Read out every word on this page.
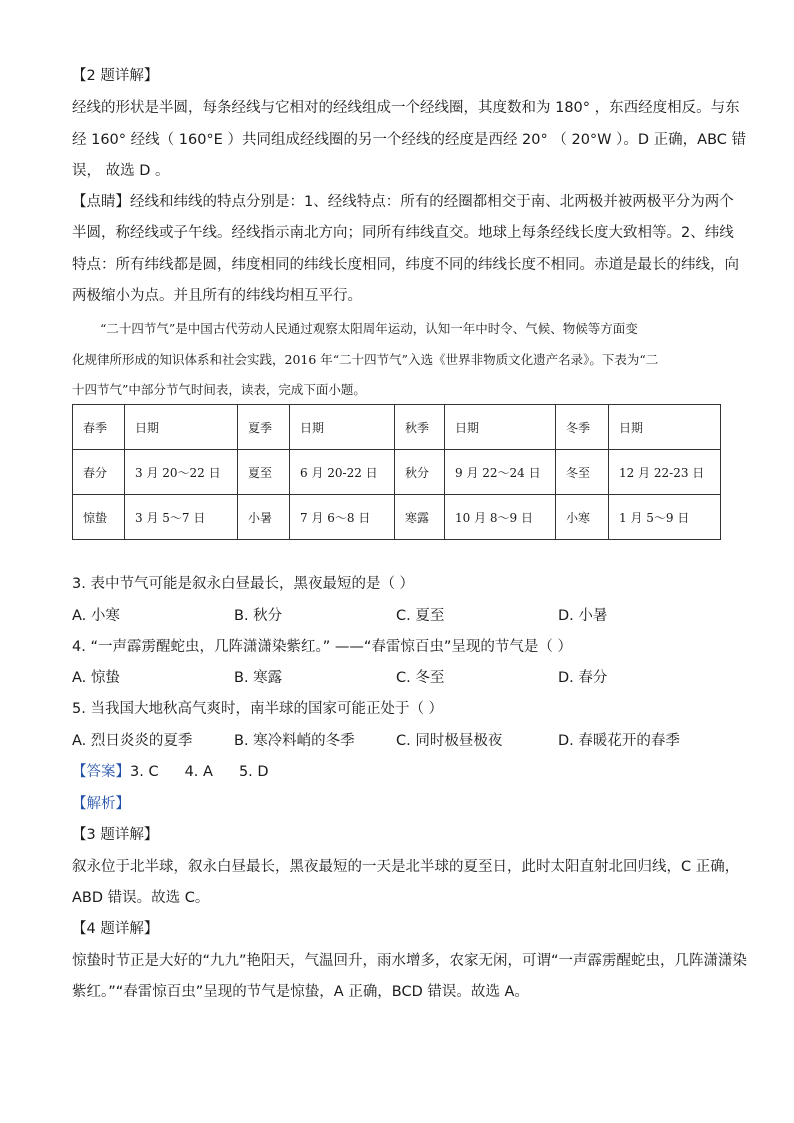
【2 题详解】
经线的形状是半圆，每条经线与它相对的经线组成一个经线圈，其度数和为 180° ，东西经度相反。与东
经 160° 经线（ 160°E ）共同组成经线圈的另一个经线的经度是西经 20° （ 20°W ）。D 正确，ABC 错
误， 故选 D 。
【点睛】经线和纬线的特点分别是：1、经线特点：所有的经圈都相交于南、北两极并被两极平分为两个
半圆，称经线或子午线。经线指示南北方向；同所有纬线直交。地球上每条经线长度大致相等。2、纬线
特点：所有纬线都是圆，纬度相同的纬线长度相同，纬度不同的纬线长度不相同。赤道是最长的纬线，向
两极缩小为点。并且所有的纬线均相互平行。
“二十四节气”是中国古代劳动人民通过观察太阳周年运动，认知一年中时令、气候、物候等方面变
化规律所形成的知识体系和社会实践，2016 年“二十四节气”入选《世界非物质文化遗产名录》。下表为“二
十四节气”中部分节气时间表，读表，完成下面小题。
春季	日期	夏季	日期	秋季	日期	冬季	日期
春分	3 月 20～22 日	夏至	6 月 20-22 日	秋分	9 月 22～24 日	冬至	12 月 22-23 日
惊蛰	3 月 5～7 日	小暑	7 月 6～8 日	寒露	10 月 8～9 日	小寒	1 月 5～9 日
3. 表中节气可能是叙永白昼最长，黑夜最短的是（ ）
A. 小寒	B. 秋分	C. 夏至	D. 小暑
4. “一声霹雳醒蛇虫，几阵潇潇染紫红。” ——“春雷惊百虫”呈现的节气是（ ）
A. 惊蛰	B. 寒露	C. 冬至	D. 春分
5. 当我国大地秋高气爽时，南半球的国家可能正处于（ ）
A. 烈日炎炎的夏季	B. 寒冷料峭的冬季	C. 同时极昼极夜	D. 春暖花开的春季
【答案】3. C 4. A 5. D
【解析】
【3 题详解】
叙永位于北半球，叙永白昼最长，黑夜最短的一天是北半球的夏至日，此时太阳直射北回归线，C 正确，
ABD 错误。故选 C。
【4 题详解】
惊蛰时节正是大好的“九九”艳阳天，气温回升，雨水增多，农家无闲，可谓“一声霹雳醒蛇虫，几阵潇潇染
紫红。”“春雷惊百虫”呈现的节气是惊蛰，A 正确，BCD 错误。故选 A。
